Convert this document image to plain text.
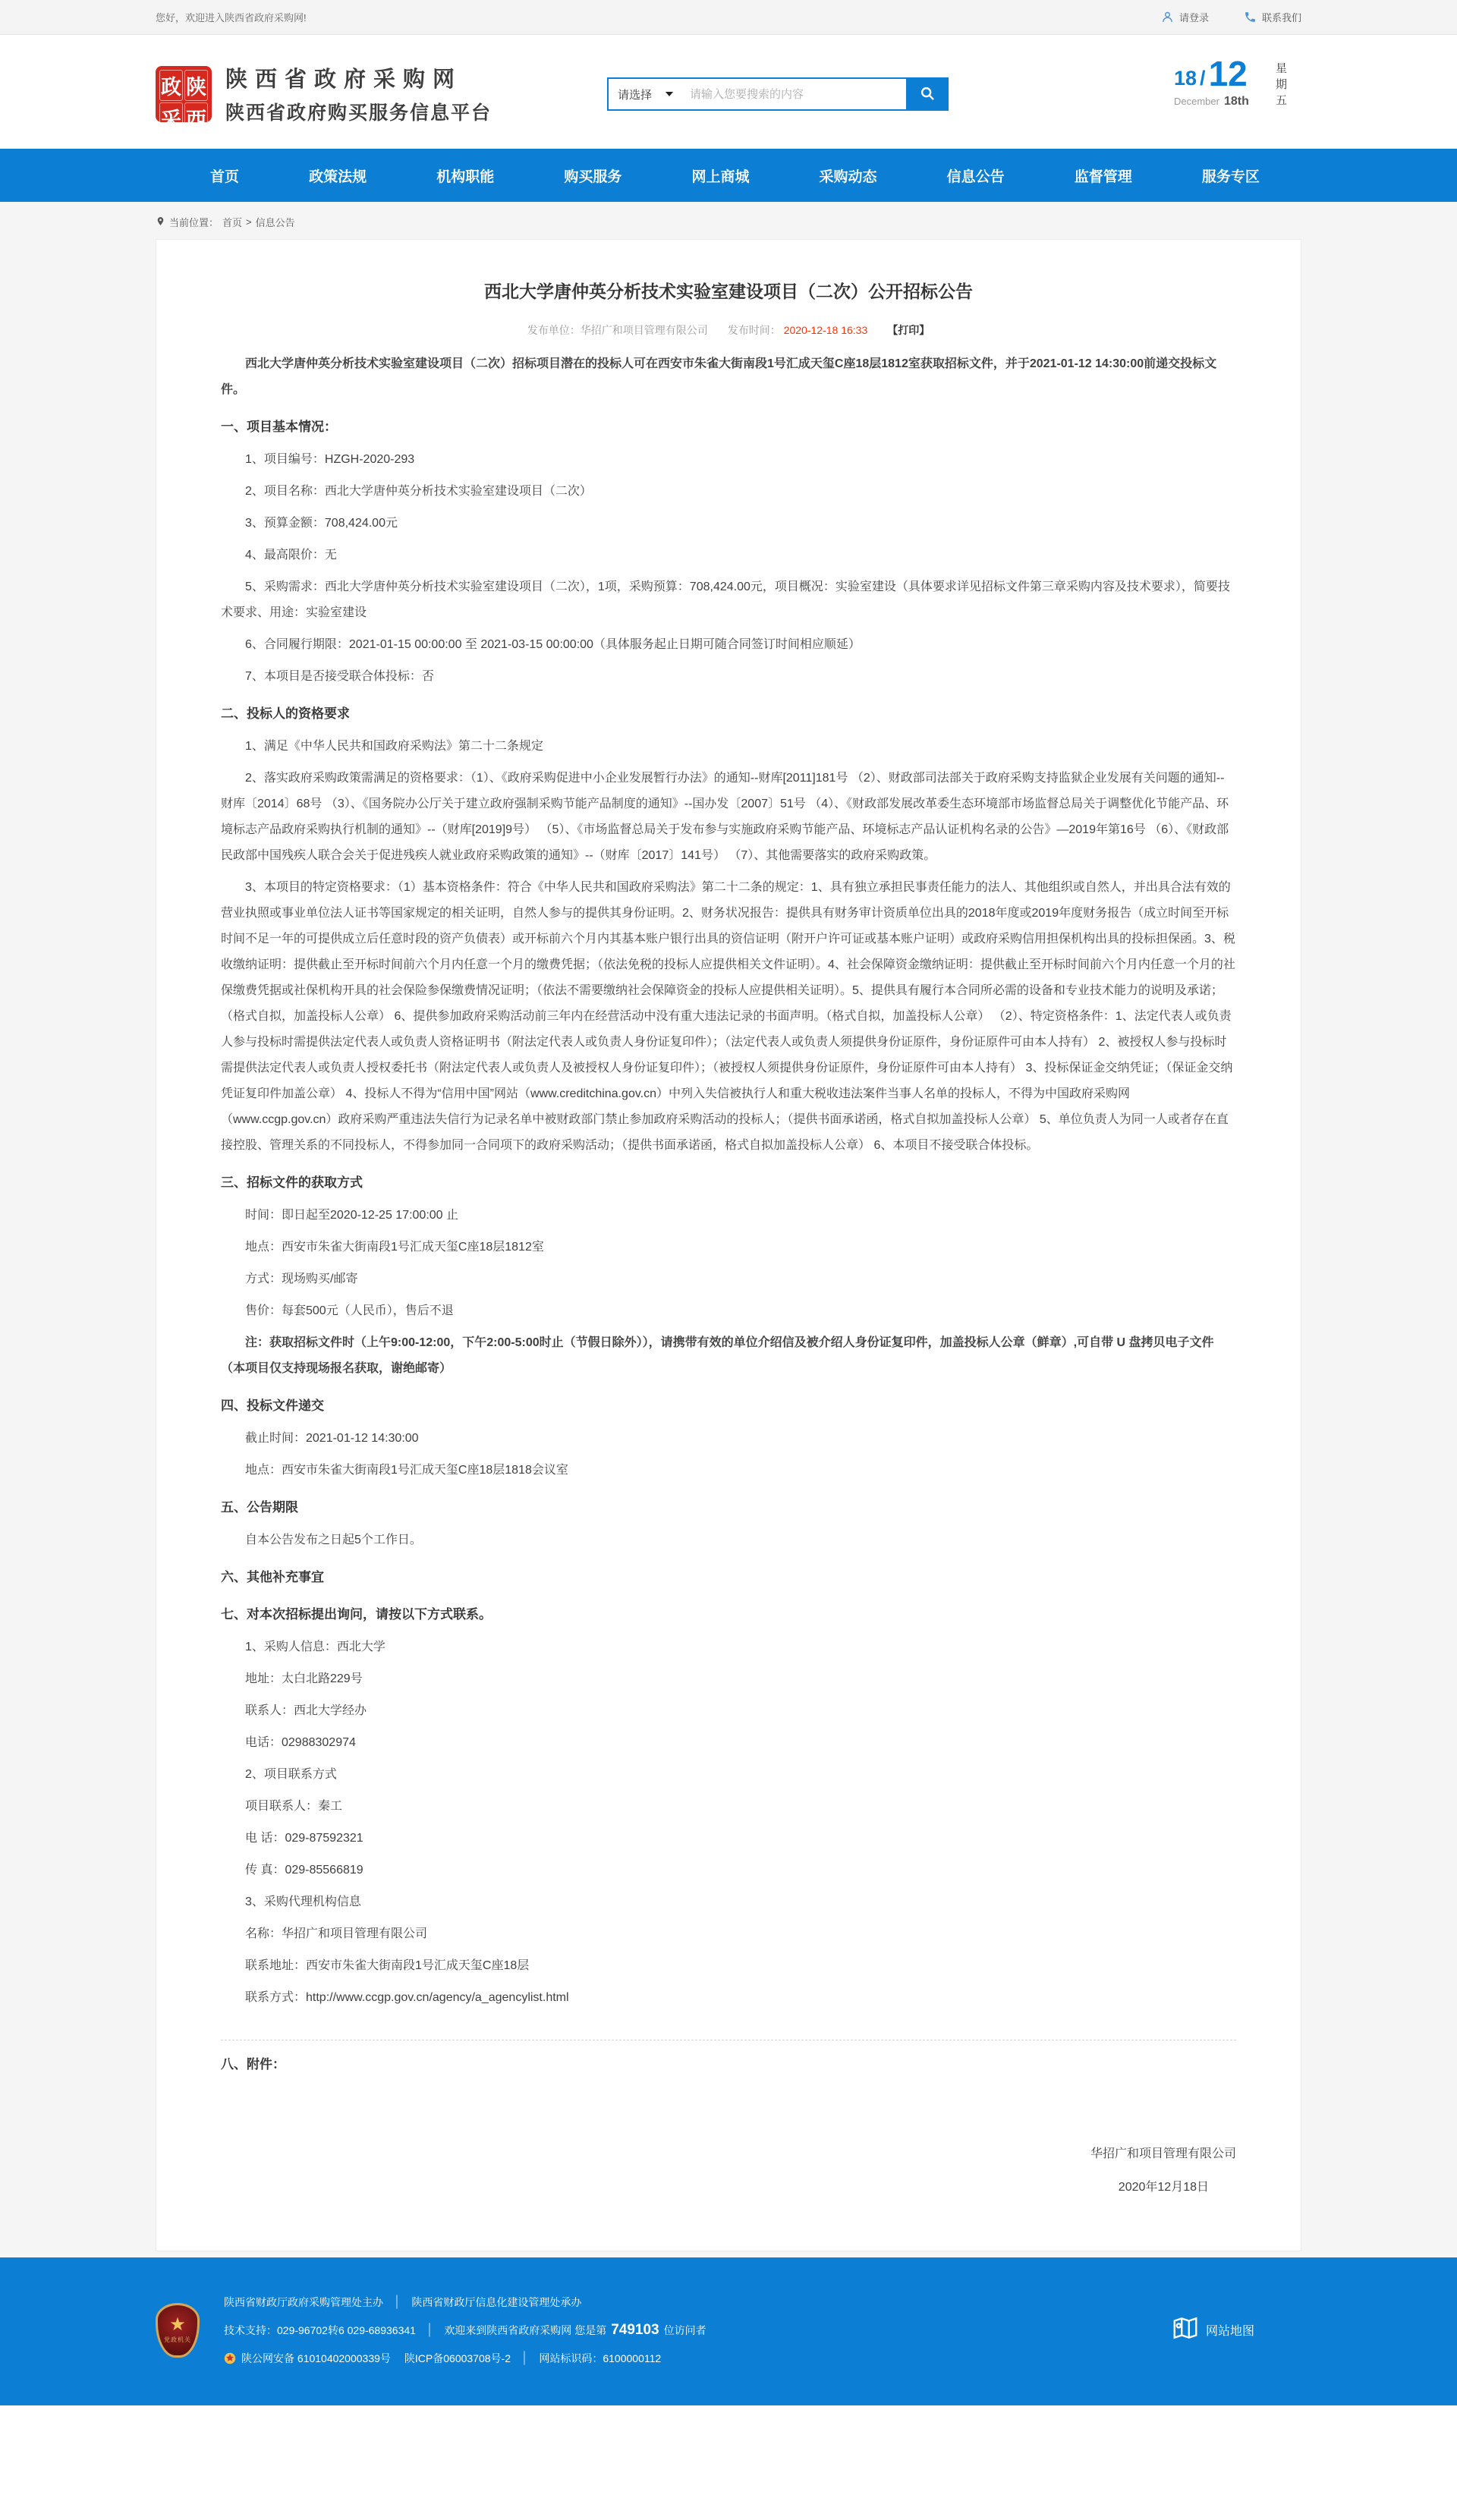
您好，欢迎进入陕西省政府采购网!	请登录	联系我们
政 陕
采 西
陕西省政府采购网
陕西省政府购买服务信息平台
请选择
请输入您要搜索的内容
18 / 12
December 18th
星期五
首页	政策法规	机构职能	购买服务	网上商城	采购动态	信息公告	监督管理	服务专区
当前位置： 首页 > 信息公告
西北大学唐仲英分析技术实验室建设项目（二次）公开招标公告
发布单位：华招广和项目管理有限公司 发布时间： 2020-12-18 16:33 【打印】

西北大学唐仲英分析技术实验室建设项目（二次）招标项目潜在的投标人可在西安市朱雀大街南段1号汇成天玺C座18层1812室获取招标文件，并于2021-01-12 14:30:00前递交投标文件。

一、项目基本情况：

1、项目编号：HZGH-2020-293

2、项目名称：西北大学唐仲英分析技术实验室建设项目（二次）

3、预算金额：708,424.00元

4、最高限价：无

5、采购需求：西北大学唐仲英分析技术实验室建设项目（二次），1项，采购预算：708,424.00元，项目概况：实验室建设（具体要求详见招标文件第三章采购内容及技术要求），简要技术要求、用途：实验室建设

6、合同履行期限：2021-01-15 00:00:00 至 2021-03-15 00:00:00（具体服务起止日期可随合同签订时间相应顺延）

7、本项目是否接受联合体投标：否

二、投标人的资格要求

1、满足《中华人民共和国政府采购法》第二十二条规定

2、落实政府采购政策需满足的资格要求：（1）、《政府采购促进中小企业发展暂行办法》的通知--财库[2011]181号 （2）、财政部司法部关于政府采购支持监狱企业发展有关问题的通知--财库〔2014〕68号 （3）、《国务院办公厅关于建立政府强制采购节能产品制度的通知》--国办发〔2007〕51号 （4）、《财政部发展改革委生态环境部市场监督总局关于调整优化节能产品、环境标志产品政府采购执行机制的通知》--（财库[2019]9号） （5）、《市场监督总局关于发布参与实施政府采购节能产品、环境标志产品认证机构名录的公告》—2019年第16号 （6）、《财政部民政部中国残疾人联合会关于促进残疾人就业政府采购政策的通知》--（财库〔2017〕141号） （7）、其他需要落实的政府采购政策。

3、本项目的特定资格要求：（1）基本资格条件：符合《中华人民共和国政府采购法》第二十二条的规定：1、具有独立承担民事责任能力的法人、其他组织或自然人，并出具合法有效的营业执照或事业单位法人证书等国家规定的相关证明，自然人参与的提供其身份证明。2、财务状况报告：提供具有财务审计资质单位出具的2018年度或2019年度财务报告（成立时间至开标时间不足一年的可提供成立后任意时段的资产负债表）或开标前六个月内其基本账户银行出具的资信证明（附开户许可证或基本账户证明）或政府采购信用担保机构出具的投标担保函。3、税收缴纳证明：提供截止至开标时间前六个月内任意一个月的缴费凭据；（依法免税的投标人应提供相关文件证明）。4、社会保障资金缴纳证明：提供截止至开标时间前六个月内任意一个月的社保缴费凭据或社保机构开具的社会保险参保缴费情况证明；（依法不需要缴纳社会保障资金的投标人应提供相关证明）。5、提供具有履行本合同所必需的设备和专业技术能力的说明及承诺；（格式自拟，加盖投标人公章） 6、提供参加政府采购活动前三年内在经营活动中没有重大违法记录的书面声明。（格式自拟，加盖投标人公章） （2）、特定资格条件：1、法定代表人或负责人参与投标时需提供法定代表人或负责人资格证明书（附法定代表人或负责人身份证复印件）；（法定代表人或负责人须提供身份证原件，身份证原件可由本人持有） 2、被授权人参与投标时需提供法定代表人或负责人授权委托书（附法定代表人或负责人及被授权人身份证复印件）；（被授权人须提供身份证原件，身份证原件可由本人持有） 3、投标保证金交纳凭证；（保证金交纳凭证复印件加盖公章） 4、投标人不得为“信用中国”网站（www.creditchina.gov.cn）中列入失信被执行人和重大税收违法案件当事人名单的投标人，不得为中国政府采购网（www.ccgp.gov.cn）政府采购严重违法失信行为记录名单中被财政部门禁止参加政府采购活动的投标人；（提供书面承诺函，格式自拟加盖投标人公章） 5、单位负责人为同一人或者存在直接控股、管理关系的不同投标人，不得参加同一合同项下的政府采购活动；（提供书面承诺函，格式自拟加盖投标人公章） 6、本项目不接受联合体投标。

三、招标文件的获取方式

时间：即日起至2020-12-25 17:00:00 止

地点：西安市朱雀大街南段1号汇成天玺C座18层1812室

方式：现场购买/邮寄

售价：每套500元（人民币），售后不退

注：获取招标文件时（上午9:00-12:00，下午2:00-5:00时止（节假日除外）），请携带有效的单位介绍信及被介绍人身份证复印件，加盖投标人公章（鲜章）,可自带 U 盘拷贝电子文件（本项目仅支持现场报名获取，谢绝邮寄）

四、投标文件递交

截止时间：2021-01-12 14:30:00

地点：西安市朱雀大街南段1号汇成天玺C座18层1818会议室

五、公告期限

自本公告发布之日起5个工作日。

六、其他补充事宜

七、对本次招标提出询问，请按以下方式联系。

1、采购人信息：西北大学

地址：太白北路229号

联系人：西北大学经办

电话：02988302974

2、项目联系方式

项目联系人：秦工

电 话：029-87592321

传 真：029-85566819

3、采购代理机构信息

名称：华招广和项目管理有限公司

联系地址：西安市朱雀大街南段1号汇成天玺C座18层

联系方式：http://www.ccgp.gov.cn/agency/a_agencylist.html

八、附件：

华招广和项目管理有限公司

2020年12月18日

★
党政机关
陕西省财政厅政府采购管理处主办 │ 陕西省财政厅信息化建设管理处承办
技术支持：029-96702转6 029-68936341 │ 欢迎来到陕西省政府采购网 您是第 749103 位访问者
陕公网安备 61010402000339号 陕ICP备06003708号-2 │ 网站标识码：6100000112
网站地图
